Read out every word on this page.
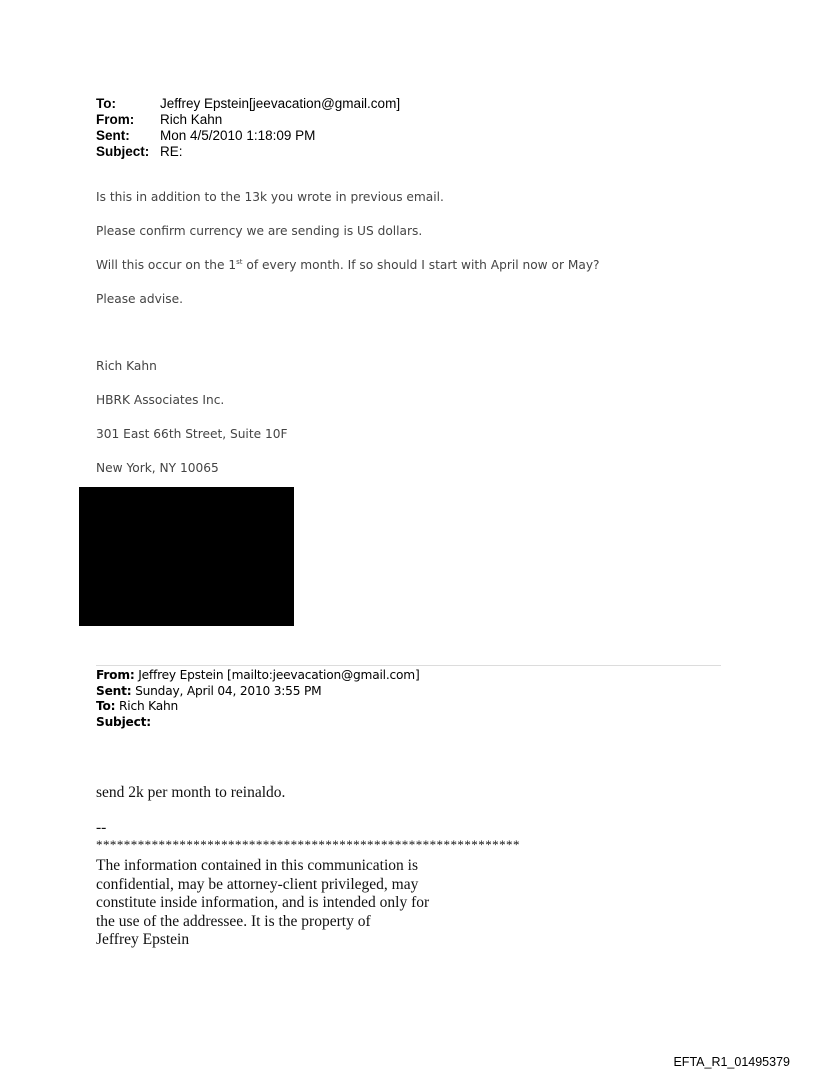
To:	Jeffrey Epstein[jeevacation@gmail.com]
From:	Rich Kahn
Sent:	Mon 4/5/2010 1:18:09 PM
Subject: RE:
Is this in addition to the 13k you wrote in previous email.
Please confirm currency we are sending is US dollars.
Will this occur on the 1st of every month. If so should I start with April now or May?
Please advise.
Rich Kahn
HBRK Associates Inc.
301 East 66th Street, Suite 10F
New York, NY 10065
From: Jeffrey Epstein [mailto:jeevacation@gmail.com]
Sent: Sunday, April 04, 2010 3:55 PM
To: Rich Kahn
Subject:
send 2k per month to reinaldo.
--
*************************************************************
The information contained in this communication is
confidential, may be attorney-client privileged, may
constitute inside information, and is intended only for
the use of the addressee. It is the property of
Jeffrey Epstein
EFTA_R1_01495379
